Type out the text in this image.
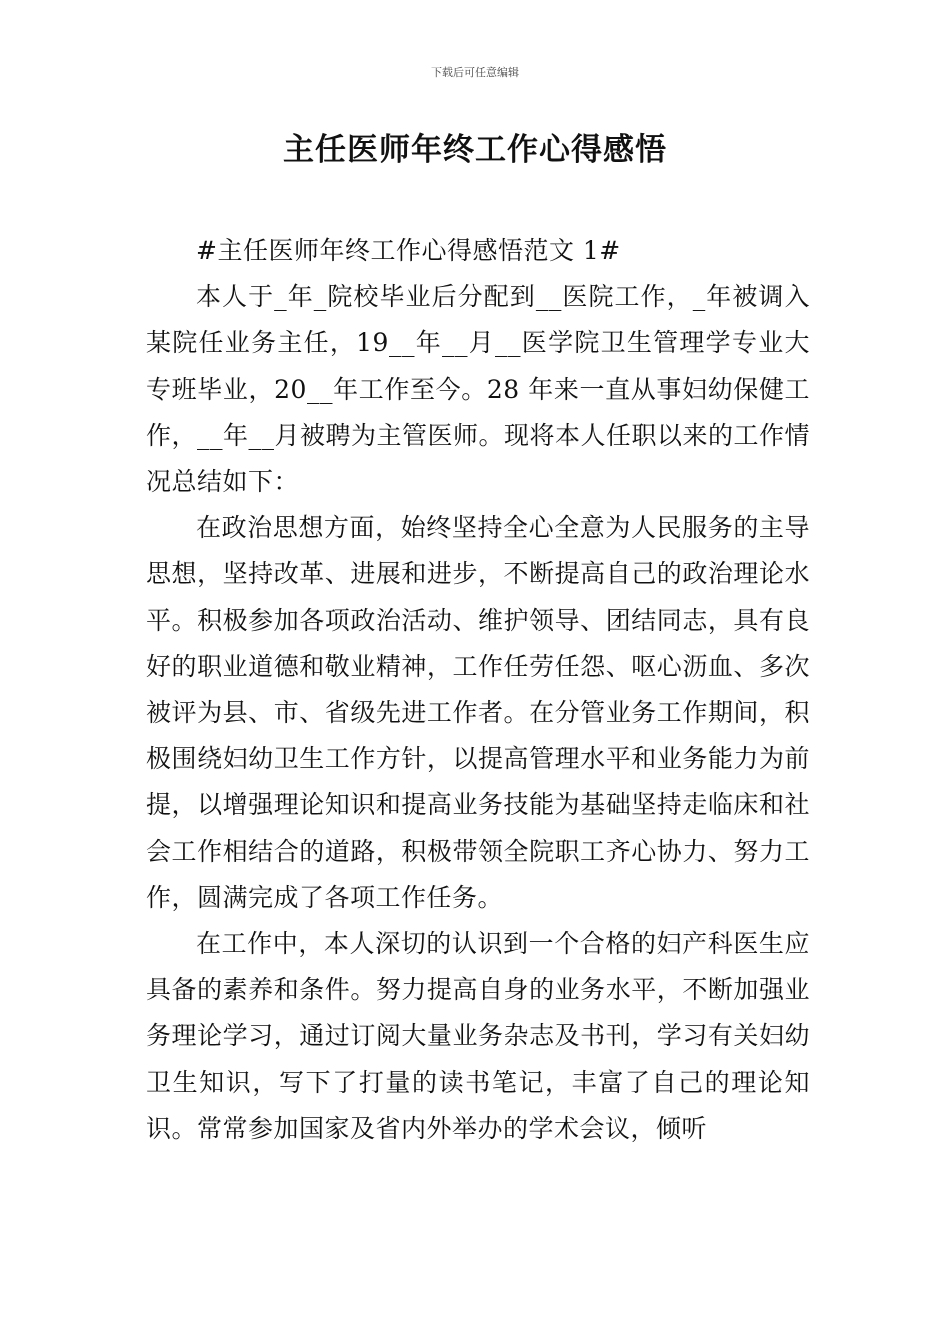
下载后可任意编辑
主任医师年终工作心得感悟

#主任医师年终工作心得感悟范文 1#

本人于_年_院校毕业后分配到__医院工作，_年被调入某院任业务主任，19__年__月__医学院卫生管理学专业大专班毕业，20__年工作至今。28 年来一直从事妇幼保健工作，__年__月被聘为主管医师。现将本人任职以来的工作情况总结如下：

在政治思想方面，始终坚持全心全意为人民服务的主导思想，坚持改革、进展和进步，不断提高自己的政治理论水平。积极参加各项政治活动、维护领导、团结同志，具有良好的职业道德和敬业精神，工作任劳任怨、呕心沥血、多次被评为县、市、省级先进工作者。在分管业务工作期间，积极围绕妇幼卫生工作方针，以提高管理水平和业务能力为前提，以增强理论知识和提高业务技能为基础坚持走临床和社会工作相结合的道路，积极带领全院职工齐心协力、努力工作，圆满完成了各项工作任务。

在工作中，本人深切的认识到一个合格的妇产科医生应具备的素养和条件。努力提高自身的业务水平，不断加强业务理论学习，通过订阅大量业务杂志及书刊，学习有关妇幼卫生知识，写下了打量的读书笔记，丰富了自己的理论知识。常常参加国家及省内外举办的学术会议，倾听
